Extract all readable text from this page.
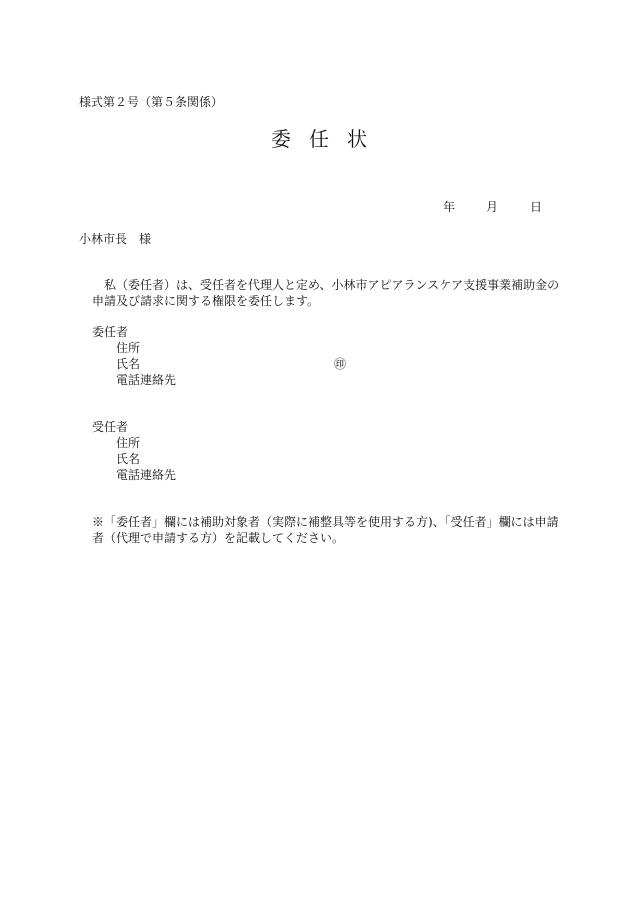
様式第２号（第５条関係）
委任状
年	月	日
小林市長　様
私（委任者）は、受任者を代理人と定め、小林市アピアランスケア支援事業補助金の申請及び請求に関する権限を委任します。
委任者
住所
氏名	㊞
電話連絡先
受任者
住所
氏名
電話連絡先
※「委任者」欄には補助対象者（実際に補整具等を使用する方)、「受任者」欄には申請者（代理で申請する方）を記載してください。
